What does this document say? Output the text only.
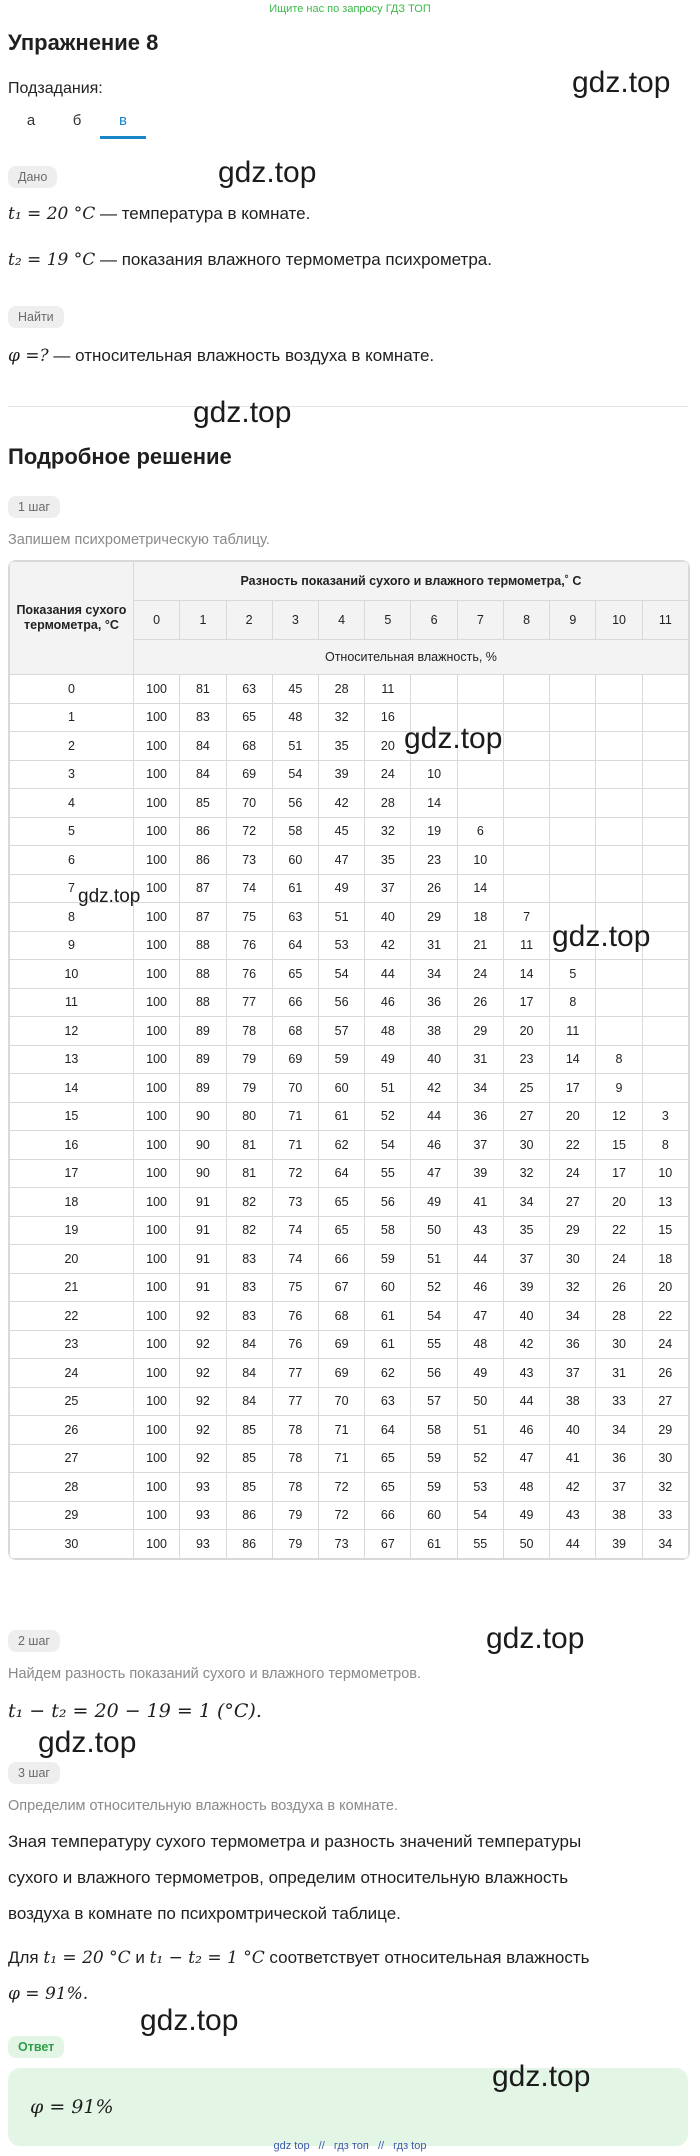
Ищите нас по запросу ГДЗ ТОП
Упражнение 8
gdz.top
Подзадания:
а	б	в
Дано	gdz.top
t₁ = 20 °C — температура в комнате.
t₂ = 19 °C — показания влажного термометра психрометра.
Найти
φ =? — относительная влажность воздуха в комнате.
gdz.top
Подробное решение
1 шаг
Запишем психрометрическую таблицу.
Показания сухого термометра, °C	Разность показаний сухого и влажного термометра,˚ С											
	0	1	2	3	4	5	6	7	8	9	10	11
	Относительная влажность, %											
0	100	81	63	45	28	11						
1	100	83	65	48	32	16						
2	100	84	68	51	35	20						
3	100	84	69	54	39	24	10					
4	100	85	70	56	42	28	14					
5	100	86	72	58	45	32	19	6				
6	100	86	73	60	47	35	23	10				
7	100	87	74	61	49	37	26	14				
8	100	87	75	63	51	40	29	18	7			
9	100	88	76	64	53	42	31	21	11			
10	100	88	76	65	54	44	34	24	14	5		
11	100	88	77	66	56	46	36	26	17	8		
12	100	89	78	68	57	48	38	29	20	11		
13	100	89	79	69	59	49	40	31	23	14	8	
14	100	89	79	70	60	51	42	34	25	17	9	
15	100	90	80	71	61	52	44	36	27	20	12	3
16	100	90	81	71	62	54	46	37	30	22	15	8
17	100	90	81	72	64	55	47	39	32	24	17	10
18	100	91	82	73	65	56	49	41	34	27	20	13
19	100	91	82	74	65	58	50	43	35	29	22	15
20	100	91	83	74	66	59	51	44	37	30	24	18
21	100	91	83	75	67	60	52	46	39	32	26	20
22	100	92	83	76	68	61	54	47	40	34	28	22
23	100	92	84	76	69	61	55	48	42	36	30	24
24	100	92	84	77	69	62	56	49	43	37	31	26
25	100	92	84	77	70	63	57	50	44	38	33	27
26	100	92	85	78	71	64	58	51	46	40	34	29
27	100	92	85	78	71	65	59	52	47	41	36	30
28	100	93	85	78	72	65	59	53	48	42	37	32
29	100	93	86	79	72	66	60	54	49	43	38	33
30	100	93	86	79	73	67	61	55	50	44	39	34
gdz.top
gdz.top
gdz.top
gdz.top
2 шаг
Найдем разность показаний сухого и влажного термометров.
t₁ − t₂ = 20 − 19 = 1 (°C).
gdz.top
3 шаг
Определим относительную влажность воздуха в комнате.
Зная температуру сухого термометра и разность значений температуры
сухого и влажного термометров, определим относительную влажность
воздуха в комнате по психромтрической таблице.
Для t₁ = 20 °C и t₁ − t₂ = 1 °C соответствует относительная влажность
φ = 91%.
gdz.top
Ответ
φ = 91%
gdz.top
gdz top // гдз топ // гдз top
